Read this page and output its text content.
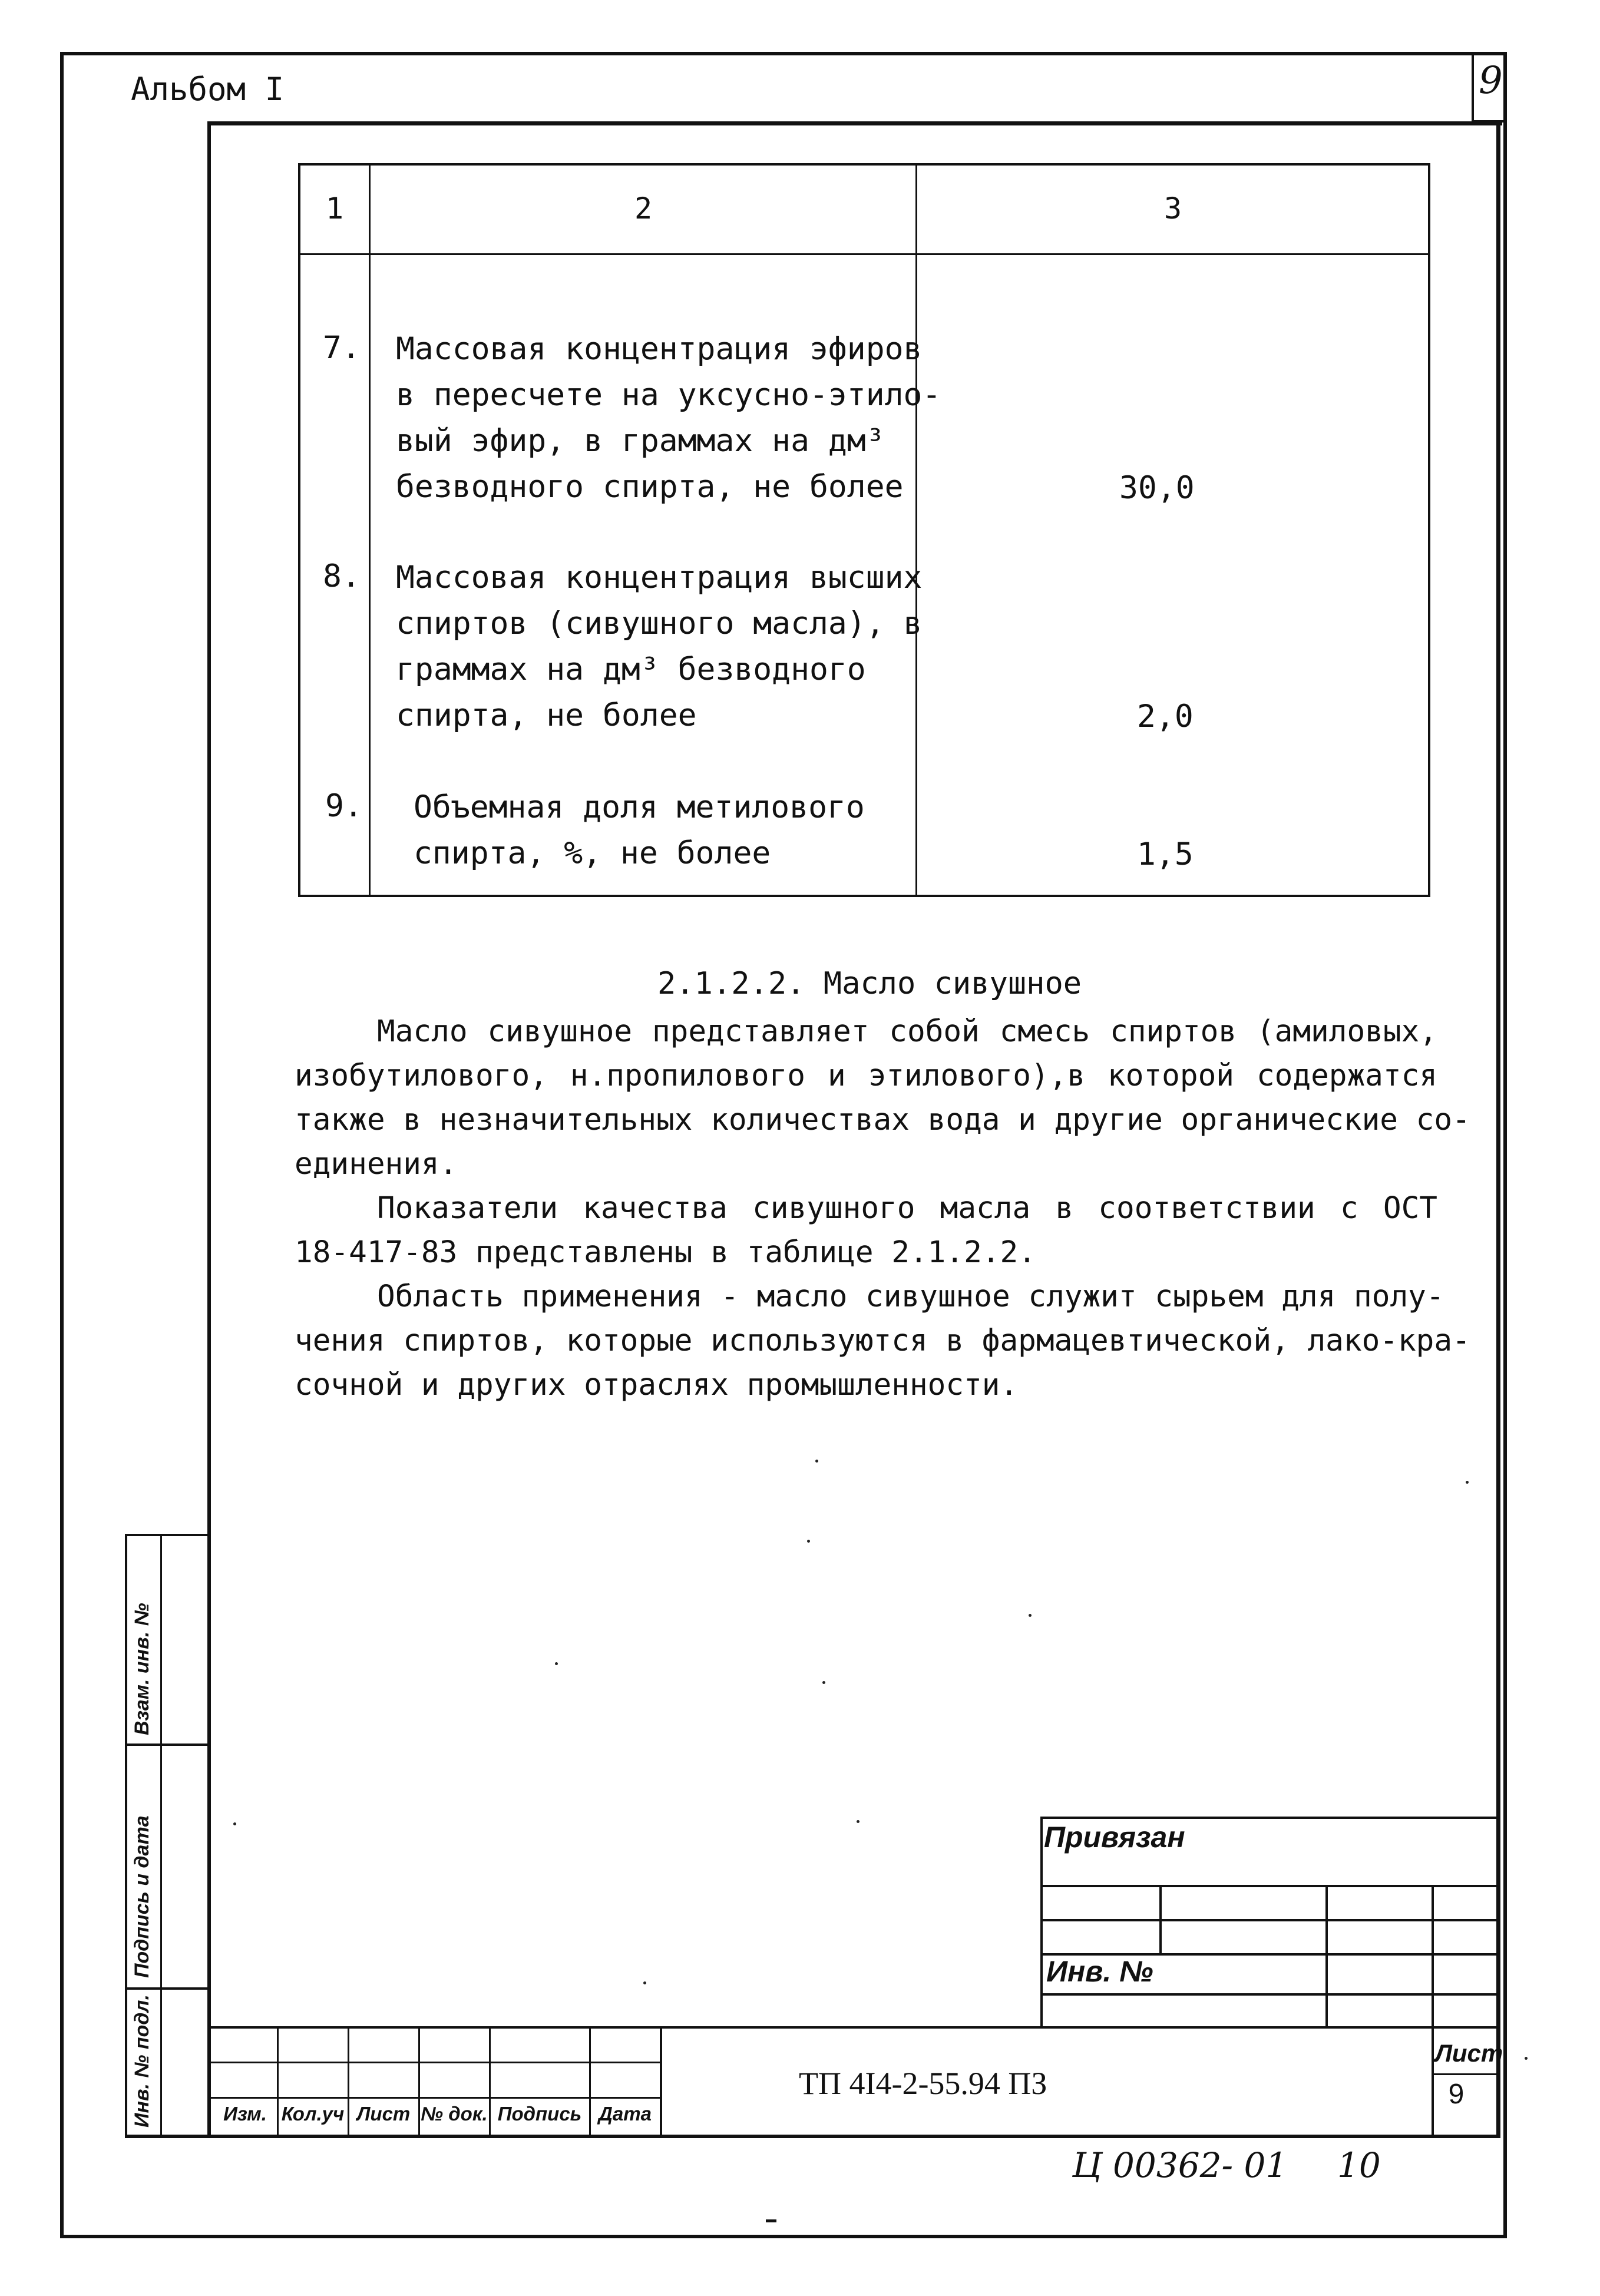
Альбом I	9
1	2	3
7. Массовая концентрация эфиров
в пересчете на уксусно-этило-
вый эфир, в граммах на дм³
безводного спирта, не более	30,0
8. Массовая концентрация высших
спиртов (сивушного масла), в
граммах на дм³ безводного
спирта, не более	2,0
9. Объемная доля метилового
спирта, %, не более	1,5
2.1.2.2. Масло сивушное
Масло сивушное представляет собой смесь спиртов (амиловых,
изобутилового, н.пропилового и этилового),в которой содержатся
также в незначительных количествах вода и другие органические со-
единения.
Показатели качества сивушного масла в соответствии с ОСТ
18-417-83 представлены в таблице 2.1.2.2.
Область применения - масло сивушное служит сырьем для полу-
чения спиртов, которые используются в фармацевтической, лако-кра-
сочной и других отраслях промышленности.
Инв. № подл.
Подпись и дата
Взам. инв. №
Привязан
Инв. №
Изм. Кол.уч Лист № док. Подпись Дата
ТП 4I4-2-55.94 ПЗ
Лист
9
Ц 00362- 01 10
